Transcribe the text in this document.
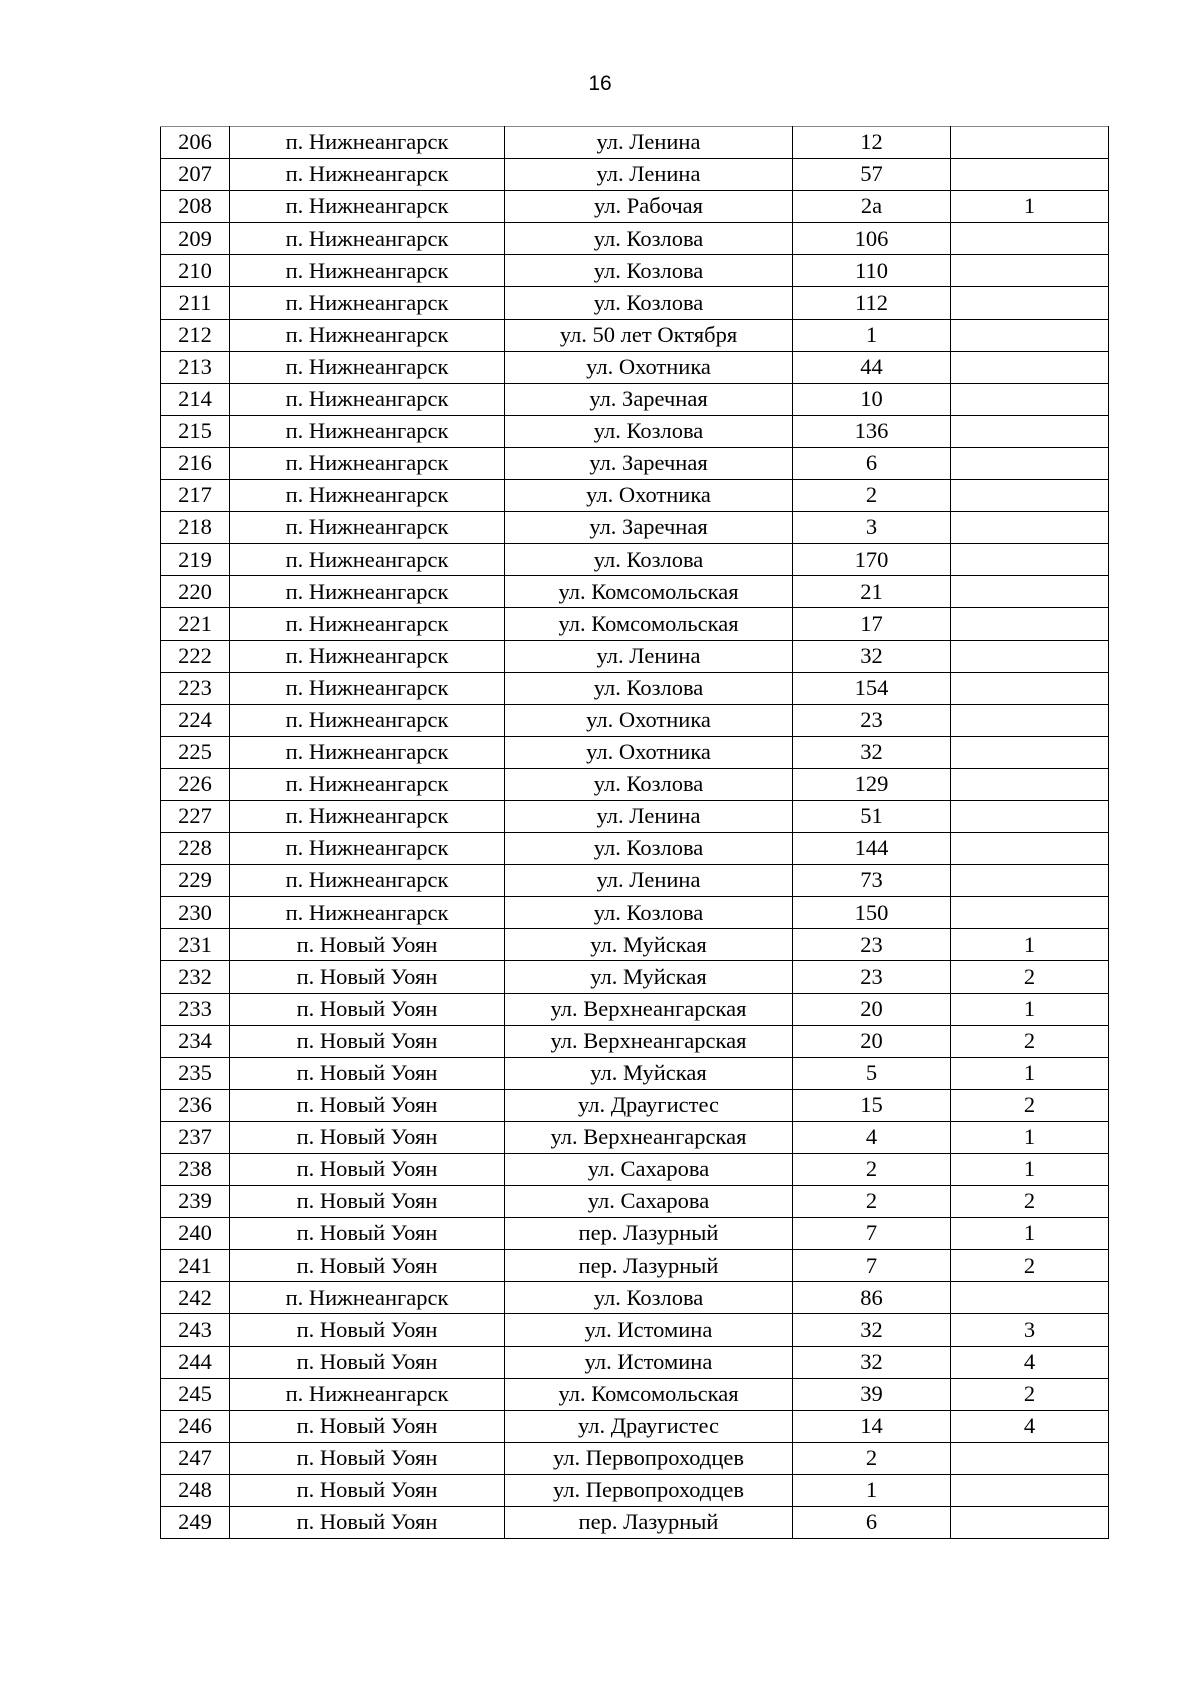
16
206	п. Нижнеангарск	ул. Ленина	12	
207	п. Нижнеангарск	ул. Ленина	57	
208	п. Нижнеангарск	ул. Рабочая	2а	1
209	п. Нижнеангарск	ул. Козлова	106	
210	п. Нижнеангарск	ул. Козлова	110	
211	п. Нижнеангарск	ул. Козлова	112	
212	п. Нижнеангарск	ул. 50 лет Октября	1	
213	п. Нижнеангарск	ул. Охотника	44	
214	п. Нижнеангарск	ул. Заречная	10	
215	п. Нижнеангарск	ул. Козлова	136	
216	п. Нижнеангарск	ул. Заречная	6	
217	п. Нижнеангарск	ул. Охотника	2	
218	п. Нижнеангарск	ул. Заречная	3	
219	п. Нижнеангарск	ул. Козлова	170	
220	п. Нижнеангарск	ул. Комсомольская	21	
221	п. Нижнеангарск	ул. Комсомольская	17	
222	п. Нижнеангарск	ул. Ленина	32	
223	п. Нижнеангарск	ул. Козлова	154	
224	п. Нижнеангарск	ул. Охотника	23	
225	п. Нижнеангарск	ул. Охотника	32	
226	п. Нижнеангарск	ул. Козлова	129	
227	п. Нижнеангарск	ул. Ленина	51	
228	п. Нижнеангарск	ул. Козлова	144	
229	п. Нижнеангарск	ул. Ленина	73	
230	п. Нижнеангарск	ул. Козлова	150	
231	п. Новый Уоян	ул. Муйская	23	1
232	п. Новый Уоян	ул. Муйская	23	2
233	п. Новый Уоян	ул. Верхнеангарская	20	1
234	п. Новый Уоян	ул. Верхнеангарская	20	2
235	п. Новый Уоян	ул. Муйская	5	1
236	п. Новый Уоян	ул. Драугистес	15	2
237	п. Новый Уоян	ул. Верхнеангарская	4	1
238	п. Новый Уоян	ул. Сахарова	2	1
239	п. Новый Уоян	ул. Сахарова	2	2
240	п. Новый Уоян	пер. Лазурный	7	1
241	п. Новый Уоян	пер. Лазурный	7	2
242	п. Нижнеангарск	ул. Козлова	86	
243	п. Новый Уоян	ул. Истомина	32	3
244	п. Новый Уоян	ул. Истомина	32	4
245	п. Нижнеангарск	ул. Комсомольская	39	2
246	п. Новый Уоян	ул. Драугистес	14	4
247	п. Новый Уоян	ул. Первопроходцев	2	
248	п. Новый Уоян	ул. Первопроходцев	1	
249	п. Новый Уоян	пер. Лазурный	6	
